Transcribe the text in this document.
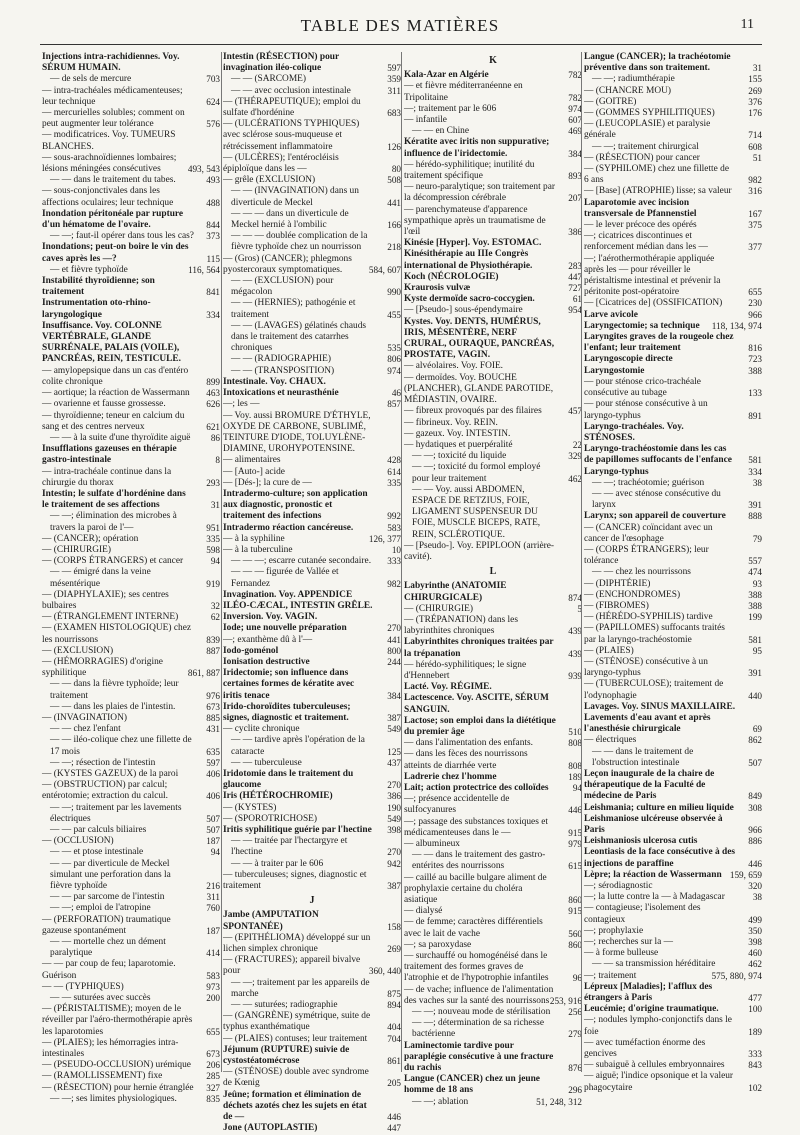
TABLE DES MATIÈRES	11
Injections intra-rachidiennes. Voy. SÉRUM HUMAIN.
— de sels de mercure	703
— intra-trachéales médicamenteuses; leur technique	624
— mercurielles solubles; comment on peut augmenter leur tolérance	576
— modificatrices. Voy. TUMEURS BLANCHES.
— sous-arachnoïdiennes lombaires; lésions méningées consécutives	493, 543
— — dans le traitement du tabes.	493
— sous-conjonctivales dans les affections oculaires; leur technique	488
Inondation péritonéale par rupture d'un hématome de l'ovaire.	844
— —; faut-il opérer dans tous les cas? 373
Inondations; peut-on boire le vin des caves après les —?	115
— et fièvre typhoïde	116, 564
Instabilité thyroïdienne; son traitement	841
Instrumentation oto-rhino-laryngologique	334
Insuffisance. Voy. COLONNE VERTÉBRALE, GLANDE SURRÉNALE, PALAIS (VOILE), PANCRÉAS, REIN, TESTICULE.
— amylopepsique dans un cas d'entéro colite chronique	899
— aortique; la réaction de Wassermann	463
— ovarienne et fausse grossesse.	626
— thyroïdienne; teneur en calcium du sang et des centres nerveux	621
— — à la suite d'une thyroïdite aiguë	86
Insufflations gazeuses en thérapie gastro-intestinale	8
— intra-trachéale continue dans la chirurgie du thorax	293
Intestin; le sulfate d'hordénine dans le traitement de ses affections	31
— —; élimination des microbes à travers la paroi de l'—	951
— (CANCER); opération	335
— (CHIRURGIE)	598
— (CORPS ÉTRANGERS) et cancer	94
— — émigré dans la veine mésentérique	919
— (DIAPHYLAXIE); ses centres bulbaires	32
— (ÉTRANGLEMENT INTERNE)	62
— (EXAMEN HISTOLOGIQUE) chez les nourrissons	839
— (EXCLUSION)	887
— (HÉMORRAGIES) d'origine syphilitique	861, 887
— — dans la fièvre typhoïde; leur traitement	976
— — dans les plaies de l'intestin.	673
— (INVAGINATION)	885
— — chez l'enfant	431
— — iléo-colique chez une fillette de 17 mois	635
— —; résection de l'intestin	597
— (KYSTES GAZEUX) de la paroi	406
— (OBSTRUCTION) par calcul; entérotomie; extraction du calcul.	406
— —; traitement par les lavements électriques	507
— — par calculs biliaires	507
— (OCCLUSION)	187
— — et ptose intestinale	94
— — par diverticule de Meckel simulant une perforation dans la fièvre typhoïde	216
— — par sarcome de l'intestin	311
— —; emploi de l'atropine	760
— (PERFORATION) traumatique gazeuse spontanément	187
— — mortelle chez un dément paralytique	414
— — par coup de feu; laparotomie. Guérison	583
— — (TYPHIQUES)	973
— — suturées avec succès	200
— (PÉRISTALTISME); moyen de le réveiller par l'aéro-thermothérapie après les laparotomies	655
— (PLAIES); les hémorragies intra-intestinales	673
— (PSEUDO-OCCLUSION) urémique	206
— (RAMOLLISSEMENT) fixe	285
— (RÉSECTION) pour hernie étranglée 327
— —; ses limites physiologiques.	835
Intestin (RÉSECTION) pour invagination iléo-colique	597
— — (SARCOME)	359
— — avec occlusion intestinale	311
— (THÉRAPEUTIQUE); emploi du sulfate d'hordénine	683
— (ULCÉRATIONS TYPHIQUES) avec sclérose sous-muqueuse et rétrécissement inflammatoire	126
— (ULCÈRES); l'entérocléisis épiploïque dans les —	80
— grêle (EXCLUSION)	508
— — (INVAGINATION) dans un diverticule de Meckel	441
— — — dans un diverticule de Meckel hernié à l'ombilic	166
— — — doublée complication de la fièvre typhoïde chez un nourrisson	218
— (Gros) (CANCER); phlegmons pyostercoraux symptomatiques.	584, 607
— — (EXCLUSION) pour mégacolon	990
— — (HERNIES); pathogénie et traitement	455
— — (LAVAGES) gélatinés chauds dans le traitement des catarrhes chroniques	535
— — (RADIOGRAPHIE)	806
— — (TRANSPOSITION)	974
Intestinale. Voy. CHAUX.
Intoxications et neurasthénie	46
—; les —	857
— Voy. aussi BROMURE D'ÉTHYLE, OXYDE DE CARBONE, SUBLIMÉ, TEINTURE D'IODE, TOLUYLÈNE-DIAMINE, UROHYPOTENSINE.
— alimentaires	428
— [Auto-] acide	614
— [Dés-]; la cure de —	335
Intradermo-culture; son application aux diagnostic, pronostic et traitement des infections	992
Intradermo réaction cancéreuse.	583
— à la syphiline	126, 377
— à la tuberculine	10
— — —; escarre cutanée secondaire.	333
— — — figurée de Vallée et Fernandez	982
Invagination. Voy. APPENDICE ILÉO-CÆCAL, INTESTIN GRÊLE.
Inversion. Voy. VAGIN.
Iode; une nouvelle préparation	270
—; exanthème dû à l'—	441
Iodo-goménol	800
Ionisation destructive	244
Iridectomie; son influence dans certaines formes de kératite avec iritis tenace	384
Irido-choroïdites tuberculeuses; signes, diagnostic et traitement.	387
— cyclite chronique	549
— — tardive après l'opération de la cataracte	125
— — tuberculeuse	437
Iridotomie dans le traitement du glaucome	270
Iris (HÉTÉROCHROMIE)	386
— (KYSTES)	190
— (SPOROTRICHOSE)	549
Iritis syphilitique guérie par l'hectine	398
— — traitée par l'hectargyre et l'hectine	270
— — à traiter par le 606	942
— tuberculeuses; signes, diagnostic et traitement	387
J
Jambe (AMPUTATION SPONTANÉE)	158
— (EPITHÉLIOMA) développé sur un lichen simplex chronique	269
— (FRACTURES); appareil bivalve pour	360, 440
— —; traitement par les appareils de marche	875
— — suturées; radiographie	894
— (GANGRÈNE) symétrique, suite de typhus exanthématique	404
— (PLAIES) contuses; leur traitement	704
Jéjunum (RUPTURE) suivie de cystostéatomécrose	861
— (STÉNOSE) double avec syndrome de Kœnig	205
Jeûne; formation et élimination de déchets azotés chez les sujets en état de —	446
Jone (AUTOPLASTIE)	447
K
Kala-Azar en Algérie	782
— et fièvre méditerranéenne en Tripolitaine	782
—; traitement par le 606	974
— infantile	607
— — en Chine	469
Kératite avec iritis non suppurative; influence de l'iridectomie.	384
— hérédo-syphilitique; inutilité du traitement spécifique	893
— neuro-paralytique; son traitement par la décompression cérébrale	207
— parenchymateuse d'apparence sympathique après un traumatisme de l'œil	386
Kinésie [Hyper]. Voy. ESTOMAC.
Kinésithérapie au IIIe Congrès international de Physiothérapie.	283
Koch (NÉCROLOGIE)	447
Kraurosis vulvæ	727
Kyste dermoïde sacro-coccygien.	61
— [Pseudo-] sous-épendymaire	954
Kystes. Voy. DENTS, HUMÉRUS, IRIS, MÉSENTÈRE, NERF CRURAL, OURAQUE, PANCRÉAS, PROSTATE, VAGIN.
— alvéolaires. Voy. FOIE.
— dermoïdes. Voy. BOUCHE (PLANCHER), GLANDE PAROTIDE, MÉDIASTIN, OVAIRE.
— fibreux provoqués par des filaires	457
— fibrineux. Voy. REIN.
— gazeux. Voy. INTESTIN.
— hydatiques et puerpéralité	22
— —; toxicité du liquide	329
— —; toxicité du formol employé pour leur traitement	462
— — Voy. aussi ABDOMEN, ESPACE DE RETZIUS, FOIE, LIGAMENT SUSPENSEUR DU FOIE, MUSCLE BICEPS, RATE, REIN, SCLÉROTIQUE.
— [Pseudo-]. Voy. EPIPLOON (arrière-cavité).
L
Labyrinthe (ANATOMIE CHIRURGICALE)	874
— (CHIRURGIE)	5
— (TRÉPANATION) dans les labyrinthites chroniques	439
Labyrinthites chroniques traitées par la trépanation	439
— hérédo-syphilitiques; le signe d'Hennebert	939
Lacté. Voy. RÉGIME.
Lactescence. Voy. ASCITE, SÉRUM SANGUIN.
Lactose; son emploi dans la diététique du premier âge	510
— dans l'alimentation des enfants.	808
— dans les fèces des nourrissons atteints de diarrhée verte	808
Ladrerie chez l'homme	189
Lait; action protectrice des colloïdes	94
—; présence accidentelle de sulfocyanures	446
—; passage des substances toxiques et médicamenteuses dans le —	915
— albumineux	979
— — dans le traitement des gastro-entérites des nourrissons	615
— caillé au bacille bulgare aliment de prophylaxie certaine du choléra asiatique	860
— dialysé	915
— de femme; caractères différentiels avec le lait de vache	560
—; sa paroxydase	860
— surchauffé ou homogénéisé dans le traitement des formes graves de l'atrophie et de l'hypotrophie infantiles	96
— de vache; influence de l'alimentation des vaches sur la santé des nourrissons 253, 916
— —; nouveau mode de stérilisation	256
— —; détermination de sa richesse bactérienne	279
Laminectomie tardive pour paraplégie consécutive à une fracture du rachis	876
Langue (CANCER) chez un jeune homme de 18 ans	296
— —; ablation	51, 248, 312
Langue (CANCER); la trachéotomie préventive dans son traitement.	31
— —; radiumthérapie	155
— (CHANCRE MOU)	269
— (GOITRE)	376
— (GOMMES SYPHILITIQUES)	176
— (LEUCOPLASIE) et paralysie générale	714
— —; traitement chirurgical	608
— (RÉSECTION) pour cancer	51
— (SYPHILOME) chez une fillette de 6 ans	982
— [Base] (ATROPHIE) lisse; sa valeur	316
Laparotomie avec incision transversale de Pfannenstiel	167
— le lever précoce des opérés	375
—; cicatrices discontinues et renforcement médian dans les —	377
—; l'aérothermothérapie appliquée après les — pour réveiller le péristaltisme intestinal et prévenir la péritonite post-opératoire	655
— [Cicatrices de] (OSSIFICATION)	230
Larve avicole	966
Laryngectomie; sa technique	118, 134, 974
Laryngites graves de la rougeole chez l'enfant; leur traitement	816
Laryngoscopie directe	723
Laryngostomie	388
— pour sténose crico-trachéale consécutive au tubage	133
— pour sténose consécutive à un laryngo-typhus	891
Laryngo-trachéales. Voy. STÉNOSES.
Laryngo-trachéostomie dans les cas de papillomes suffocants de l'enfance	581
Laryngo-typhus	334
— —; trachéotomie; guérison	38
— — avec sténose consécutive du larynx	391
Larynx; son appareil de couverture	888
— (CANCER) coïncidant avec un cancer de l'œsophage	79
— (CORPS ÉTRANGERS); leur tolérance	557
— — chez les nourrissons	474
— (DIPHTÉRIE)	93
— (ENCHONDROMES)	388
— (FIBROMES)	388
— (HÉRÉDO-SYPHILIS) tardive	199
— (PAPILLOMES) suffocants traités par la laryngo-trachéostomie	581
— (PLAIES)	95
— (STÉNOSE) consécutive à un laryngo-typhus	391
— (TUBERCULOSE); traitement de l'odynophagie	440
Lavages. Voy. SINUS MAXILLAIRE.
Lavements d'eau avant et après l'anesthésie chirurgicale	69
— électriques	862
— — dans le traitement de l'obstruction intestinale	507
Leçon inaugurale de la chaire de thérapeutique de la Faculté de médecine de Paris	849
Leishmania; culture en milieu liquide 308
Leishmaniose ulcéreuse observée à Paris	966
Leishmaniosis ulcerosa cutis	886
Leontiasis de la face consécutive à des injections de paraffine	446
Lèpre; la réaction de Wassermann 159, 659
—; sérodiagnostic	320
—; la lutte contre la — à Madagascar	38
— contagieuse; l'isolement des contagieux	499
—; prophylaxie	350
—; recherches sur la —	398
— à forme bulleuse	460
— — sa transmission héréditaire	462
—; traitement	575, 880, 974
Lépreux [Maladies]; l'afflux des étrangers à Paris	477
Leucémie; d'origine traumatique.	100
—; nodules lympho-conjonctifs dans le foie	189
— avec tuméfaction énorme des gencives	333
— subaiguë à cellules embryonnaires	843
— aiguë; l'indice opsonique et la valeur phagocytaire	102
